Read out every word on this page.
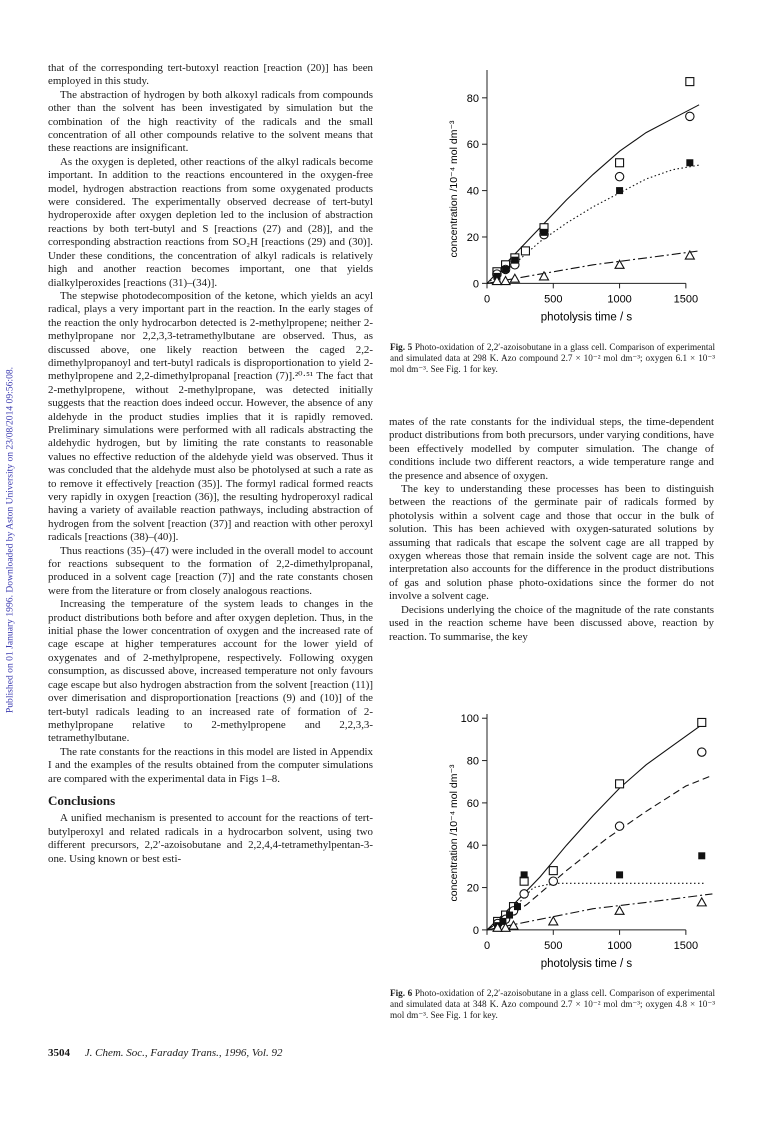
Published on 01 January 1996. Downloaded by Aston University on 23/08/2014 09:56:08.

that of the corresponding tert-butoxyl reaction [reaction (20)] has been employed in this study.

The abstraction of hydrogen by both alkoxyl radicals from compounds other than the solvent has been investigated by simulation but the combination of the high reactivity of the radicals and the small concentration of all other compounds relative to the solvent means that these reactions are insignificant.

As the oxygen is depleted, other reactions of the alkyl radicals become important. In addition to the reactions encountered in the oxygen-free model, hydrogen abstraction reactions from some oxygenated products were considered. The experimentally observed decrease of tert-butyl hydroperoxide after oxygen depletion led to the inclusion of abstraction reactions by both tert-butyl and S [reactions (27) and (28)], and the corresponding abstraction reactions from SO₂H [reactions (29) and (30)]. Under these conditions, the concentration of alkyl radicals is relatively high and another reaction becomes important, one that yields dialkylperoxides [reactions (31)–(34)].

The stepwise photodecomposition of the ketone, which yields an acyl radical, plays a very important part in the reaction. In the early stages of the reaction the only hydrocarbon detected is 2-methylpropene; neither 2-methylpropane nor 2,2,3,3-tetramethylbutane are observed. Thus, as discussed above, one likely reaction between the caged 2,2-dimethylpropanoyl and tert-butyl radicals is disproportionation to yield 2-methylpropene and 2,2-dimethylpropanal [reaction (7)].²⁰·⁵¹ The fact that 2-methylpropene, without 2-methylpropane, was detected initially suggests that the reaction does indeed occur. However, the absence of any aldehyde in the product studies implies that it is rapidly removed. Preliminary simulations were performed with all radicals abstracting the aldehydic hydrogen, but by limiting the rate constants to reasonable values no effective reduction of the aldehyde yield was observed. Thus it was concluded that the aldehyde must also be photolysed at such a rate as to remove it effectively [reaction (35)]. The formyl radical formed reacts very rapidly in oxygen [reaction (36)], the resulting hydroperoxyl radical having a variety of available reaction pathways, including abstraction of hydrogen from the solvent [reaction (37)] and reaction with other peroxyl radicals [reactions (38)–(40)].

Thus reactions (35)–(47) were included in the overall model to account for reactions subsequent to the formation of 2,2-dimethylpropanal, produced in a solvent cage [reaction (7)] and the rate constants chosen were from the literature or from closely analogous reactions.

Increasing the temperature of the system leads to changes in the product distributions both before and after oxygen depletion. Thus, in the initial phase the lower concentration of oxygen and the increased rate of cage escape at higher temperatures account for the lower yield of oxygenates and of 2-methylpropene, respectively. Following oxygen consumption, as discussed above, increased temperature not only favours cage escape but also hydrogen abstraction from the solvent [reaction (11)] over dimerisation and disproportionation [reactions (9) and (10)] of the tert-butyl radicals leading to an increased rate of formation of 2-methylpropane relative to 2-methylpropene and 2,2,3,3-tetramethylbutane.

The rate constants for the reactions in this model are listed in Appendix I and the examples of the results obtained from the computer simulations are compared with the experimental data in Figs 1–8.

Conclusions

A unified mechanism is presented to account for the reactions of tert-butylperoxyl and related radicals in a hydrocarbon solvent, using two different precursors, 2,2′-azoisobutane and 2,2,4,4-tetramethylpentan-3-one. Using known or best esti-

0
20
40
60
80
0	500	1000	1500
photolysis time / s
concentration /10⁻⁴ mol dm⁻³
Fig. 5 Photo-oxidation of 2,2′-azoisobutane in a glass cell. Comparison of experimental and simulated data at 298 K. Azo compound 2.7 × 10⁻² mol dm⁻³; oxygen 6.1 × 10⁻³ mol dm⁻³. See Fig. 1 for key.

mates of the rate constants for the individual steps, the time-dependent product distributions from both precursors, under varying conditions, have been effectively modelled by computer simulation. The change of conditions include two different reactors, a wide temperature range and the presence and absence of oxygen.

The key to understanding these processes has been to distinguish between the reactions of the germinate pair of radicals formed by photolysis within a solvent cage and those that occur in the bulk of solution. This has been achieved with oxygen-saturated solutions by assuming that radicals that escape the solvent cage are all trapped by oxygen whereas those that remain inside the solvent cage are not. This interpretation also accounts for the difference in the product distributions of gas and solution phase photo-oxidations since the former do not involve a solvent cage.

Decisions underlying the choice of the magnitude of the rate constants used in the reaction scheme have been discussed above, reaction by reaction. To summarise, the key

0
20
40
60
80
100
0	500	1000	1500
photolysis time / s
concentration /10⁻⁴ mol dm⁻³
Fig. 6 Photo-oxidation of 2,2′-azoisobutane in a glass cell. Comparison of experimental and simulated data at 348 K. Azo compound 2.7 × 10⁻² mol dm⁻³; oxygen 4.8 × 10⁻³ mol dm⁻³. See Fig. 1 for key.
3504 J. Chem. Soc., Faraday Trans., 1996, Vol. 92
